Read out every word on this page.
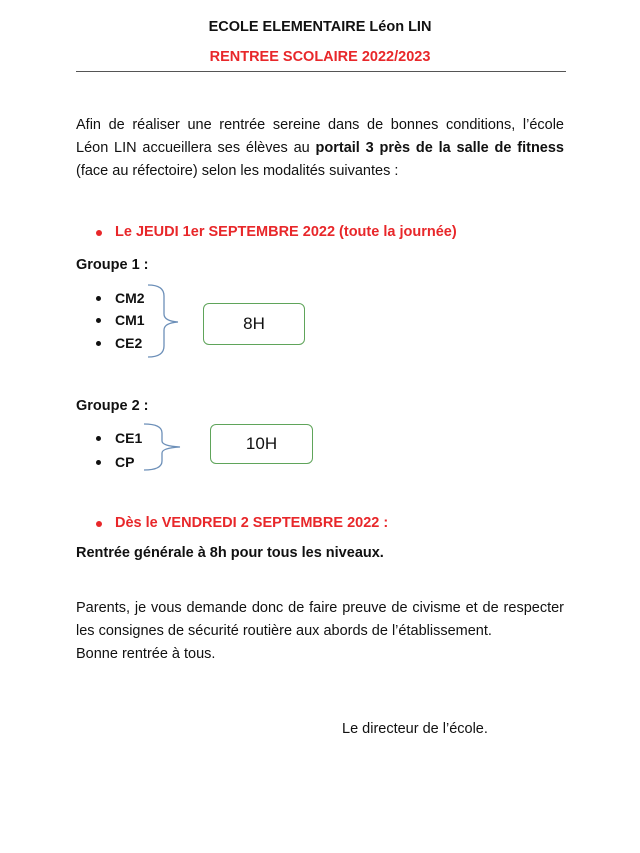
ECOLE ELEMENTAIRE Léon LIN
RENTREE SCOLAIRE 2022/2023
Afin de réaliser une rentrée sereine dans de bonnes conditions, l’école Léon LIN accueillera ses élèves au portail 3 près de la salle de fitness (face au réfectoire) selon les modalités suivantes :
Le JEUDI 1er SEPTEMBRE 2022 (toute la journée)
Groupe 1 :
CM2
CM1
CE2
8H
Groupe 2 :
CE1
CP
10H
Dès le VENDREDI 2 SEPTEMBRE 2022 :
Rentrée générale à 8h pour tous les niveaux.
Parents, je vous demande donc de faire preuve de civisme et de respecter les consignes de sécurité routière aux abords de l’établissement.
Bonne rentrée à tous.
Le directeur de l’école.
